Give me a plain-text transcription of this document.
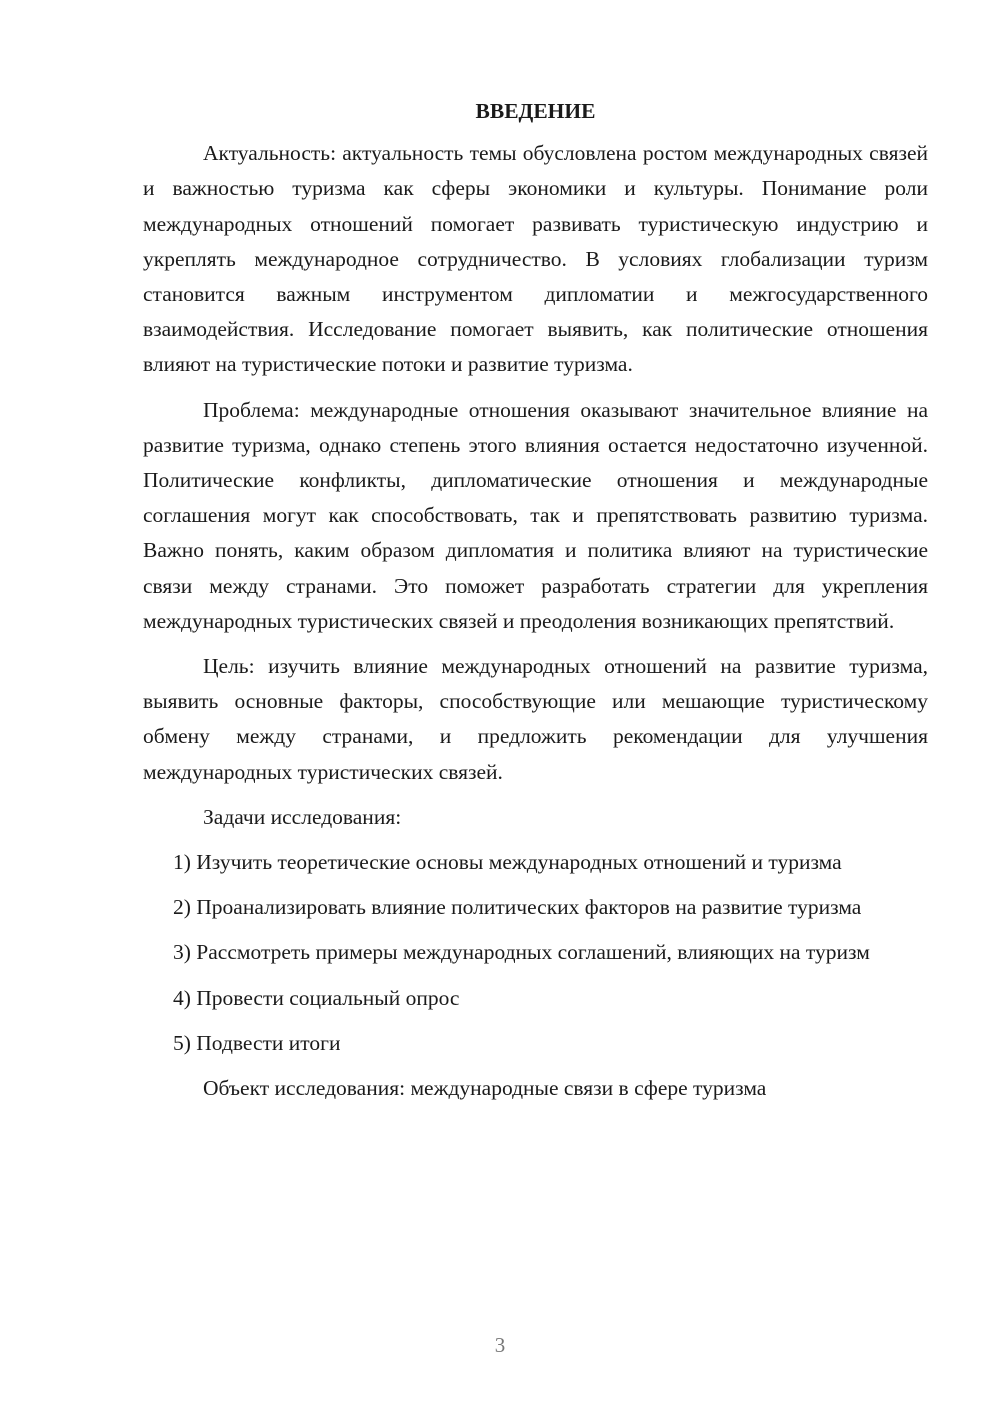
ВВЕДЕНИЕ

Актуальность: актуальность темы обусловлена ростом международных связей и важностью туризма как сферы экономики и культуры. Понимание роли международных отношений помогает развивать туристическую индустрию и укреплять международное сотрудничество. В условиях глобализации туризм становится важным инструментом дипломатии и межгосударственного взаимодействия. Исследование помогает выявить, как политические отношения влияют на туристические потоки и развитие туризма.

Проблема: международные отношения оказывают значительное влияние на развитие туризма, однако степень этого влияния остается недостаточно изученной. Политические конфликты, дипломатические отношения и международные соглашения могут как способствовать, так и препятствовать развитию туризма. Важно понять, каким образом дипломатия и политика влияют на туристические связи между странами. Это поможет разработать стратегии для укрепления международных туристических связей и преодоления возникающих препятствий.

Цель: изучить влияние международных отношений на развитие туризма, выявить основные факторы, способствующие или мешающие туристическому обмену между странами, и предложить рекомендации для улучшения международных туристических связей.

Задачи исследования:

1) Изучить теоретические основы международных отношений и туризма

2) Проанализировать влияние политических факторов на развитие туризма

3) Рассмотреть примеры международных соглашений, влияющих на туризм

4) Провести социальный опрос

5) Подвести итоги

Объект исследования: международные связи в сфере туризма

3
